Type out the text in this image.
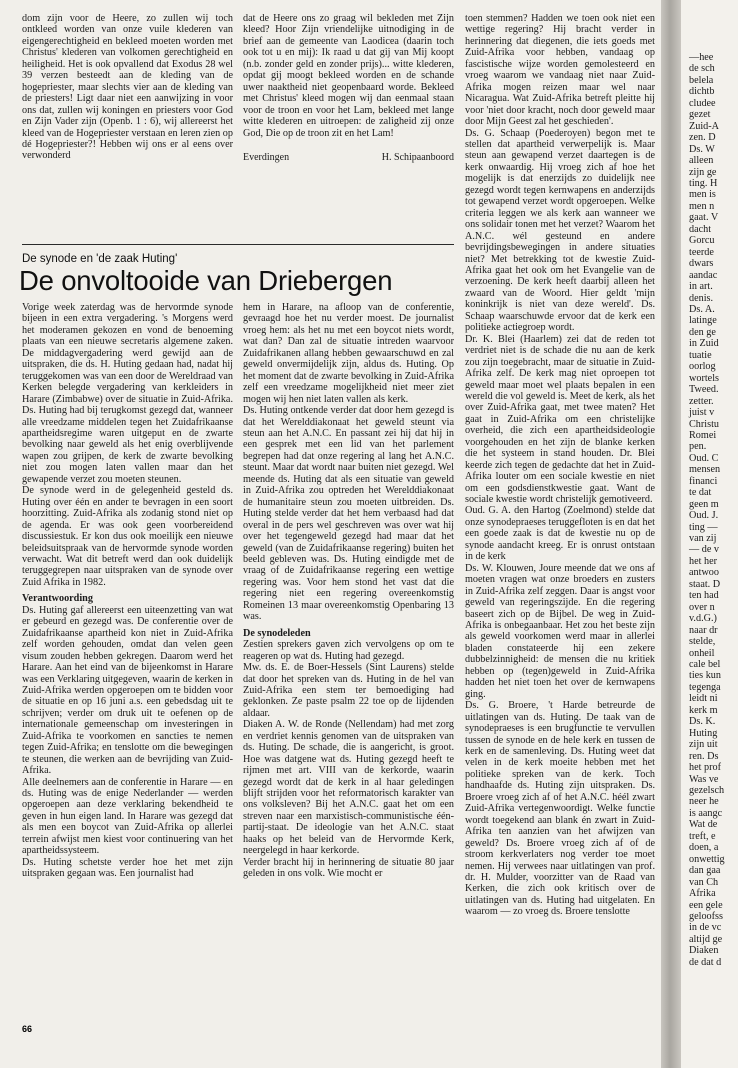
dom zijn voor de Heere, zo zullen wij toch ontkleed worden van onze vuile klederen van eigengerechtigheid en bekleed moeten worden met Christus' klederen van volkomen gerechtigheid en heiligheid. Het is ook opvallend dat Exodus 28 wel 39 verzen besteedt aan de kleding van de hogepriester, maar slechts vier aan de kleding van de priesters! Ligt daar niet een aanwijzing in voor ons dat, zullen wij koningen en priesters voor God en Zijn Vader zijn (Openb. 1 : 6), wij allereerst het kleed van de Hogepriester verstaan en leren zien op dé Hogepriester?! Hebben wij ons er al eens over verwonderd

dat de Heere ons zo graag wil bekleden met Zijn kleed? Hoor Zijn vriendelijke uitnodiging in de brief aan de gemeente van Laodicea (daarin toch ook tot u en mij): Ik raad u dat gij van Mij koopt (n.b. zonder geld en zonder prijs)... witte klederen, opdat gij moogt bekleed worden en de schande uwer naaktheid niet geopenbaard worde. Bekleed met Christus' kleed mogen wij dan eenmaal staan voor de troon en voor het Lam, bekleed met lange witte klederen en uitroepen: de zaligheid zij onze God, Die op de troon zit en het Lam!

Everdingen	H. Schipaanboord
De synode en 'de zaak Huting'
De onvoltooide van Driebergen

Vorige week zaterdag was de hervormde synode bijeen in een extra vergadering. 's Morgens werd het moderamen gekozen en vond de benoeming plaats van een nieuwe secretaris algemene zaken. De middagvergadering werd gewijd aan de uitspraken, die ds. H. Huting gedaan had, nadat hij teruggekomen was van een door de Wereldraad van Kerken belegde vergadering van kerkleiders in Harare (Zimbabwe) over de situatie in Zuid-Afrika. Ds. Huting had bij terugkomst gezegd dat, wanneer alle vreedzame middelen tegen het Zuidafrikaanse apartheidsregime waren uitgeput en de zwarte bevolking naar geweld als het enig overblijvende wapen zou grijpen, de kerk de zwarte bevolking niet zou mogen laten vallen maar dan het gewapende verzet zou moeten steunen.

De synode werd in de gelegenheid gesteld ds. Huting over één en ander te bevragen in een soort hoorzitting. Zuid-Afrika als zodanig stond niet op de agenda. Er was ook geen voorbereidend discussiestuk. Er kon dus ook moeilijk een nieuwe beleidsuitspraak van de hervormde synode worden verwacht. Wat dit betreft werd dan ook duidelijk teruggegrepen naar uitspraken van de synode over Zuid Afrika in 1982.

Verantwoording

Ds. Huting gaf allereerst een uiteenzetting van wat er gebeurd en gezegd was. De conferentie over de Zuidafrikaanse apartheid kon niet in Zuid-Afrika zelf worden gehouden, omdat dan velen geen visum zouden hebben gekregen. Daarom werd het Harare. Aan het eind van de bijeenkomst in Harare was een Verklaring uitgegeven, waarin de kerken in Zuid-Afrika werden opgeroepen om te bidden voor de situatie en op 16 juni a.s. een gebedsdag uit te schrijven; verder om druk uit te oefenen op de internationale gemeenschap om investeringen in Zuid-Afrika te voorkomen en sancties te nemen tegen Zuid-Afrika; en tenslotte om die bewegingen te steunen, die werken aan de bevrijding van Zuid-Afrika.

Alle deelnemers aan de conferentie in Harare — en ds. Huting was de enige Nederlander — werden opgeroepen aan deze verklaring bekendheid te geven in hun eigen land. In Harare was gezegd dat als men een boycot van Zuid-Afrika op allerlei terrein afwijst men kiest voor continuering van het apartheidssysteem.

Ds. Huting schetste verder hoe het met zijn uitspraken gegaan was. Een journalist had

hem in Harare, na afloop van de conferentie, gevraagd hoe het nu verder moest. De journalist vroeg hem: als het nu met een boycot niets wordt, wat dan? Dan zal de situatie intreden waarvoor Zuidafrikanen allang hebben gewaarschuwd en zal geweld onvermijdelijk zijn, aldus ds. Huting. Op het moment dat de zwarte bevolking in Zuid-Afrika zelf een vreedzame mogelijkheid niet meer ziet mogen wij hen niet laten vallen als kerk.

Ds. Huting ontkende verder dat door hem gezegd is dat het Werelddiakonaat het geweld steunt via steun aan het A.N.C. En passant zei hij dat hij in een gesprek met een lid van het parlement begrepen had dat onze regering al lang het A.N.C. steunt. Maar dat wordt naar buiten niet gezegd. Wel meende ds. Huting dat als een situatie van geweld in Zuid-Afrika zou optreden het Werelddiakonaat de humanitaire steun zou moeten uitbreiden. Ds. Huting stelde verder dat het hem verbaasd had dat overal in de pers wel geschreven was over wat hij over het tegengeweld gezegd had maar dat het geweld (van de Zuidafrikaanse regering) buiten het beeld gebleven was. Ds. Huting eindigde met de vraag of de Zuidafrikaanse regering een wettige regering was. Voor hem stond het vast dat die regering niet een regering overeenkomstig Romeinen 13 maar overeenkomstig Openbaring 13 was.

De synodeleden

Zestien sprekers gaven zich vervolgens op om te reageren op wat ds. Huting had gezegd.

Mw. ds. E. de Boer-Hessels (Sint Laurens) stelde dat door het spreken van ds. Huting in de hel van Zuid-Afrika een stem ter bemoediging had geklonken. Ze paste psalm 22 toe op de lijdenden aldaar.

Diaken A. W. de Ronde (Nellendam) had met zorg en verdriet kennis genomen van de uitspraken van ds. Huting. De schade, die is aangericht, is groot. Hoe was datgene wat ds. Huting gezegd heeft te rijmen met art. VIII van de kerkorde, waarin gezegd wordt dat de kerk in al haar geledingen blijft strijden voor het reformatorisch karakter van ons volksleven? Bij het A.N.C. gaat het om een streven naar een marxistisch-communistische één-partij-staat. De ideologie van het A.N.C. staat haaks op het beleid van de Hervormde Kerk, neergelegd in haar kerkorde.

Verder bracht hij in herinnering de situatie 80 jaar geleden in ons volk. Wie mocht er

toen stemmen? Hadden we toen ook niet een wettige regering? Hij bracht verder in herinnering dat diegenen, die iets goeds met Zuid-Afrika voor hebben, vandaag op fascistische wijze worden gemolesteerd en vroeg waarom we vandaag niet naar Zuid-Afrika mogen reizen maar wel naar Nicaragua. Wat Zuid-Afrika betreft pleitte hij voor 'niet door kracht, noch door geweld maar door Mijn Geest zal het geschieden'.

Ds. G. Schaap (Poederoyen) begon met te stellen dat apartheid verwerpelijk is. Maar steun aan gewapend verzet daartegen is de kerk onwaardig. Hij vroeg zich af hoe het mogelijk is dat enerzijds zo duidelijk nee gezegd wordt tegen kernwapens en anderzijds tot gewapend verzet wordt opgeroepen. Welke criteria leggen we als kerk aan wanneer we ons solidair tonen met het verzet? Waarom het A.N.C. wél gesteund en andere bevrijdingsbewegingen in andere situaties niet? Met betrekking tot de kwestie Zuid-Afrika gaat het ook om het Evangelie van de verzoening. De kerk heeft daarbij alleen het zwaard van de Woord. Hier geldt 'mijn koninkrijk is niet van deze wereld'. Ds. Schaap waarschuwde ervoor dat de kerk een politieke actiegroep wordt.

Dr. K. Blei (Haarlem) zei dat de reden tot verdriet niet is de schade die nu aan de kerk zou zijn toegebracht, maar de situatie in Zuid-Afrika zelf. De kerk mag niet oproepen tot geweld maar moet wel plaats bepalen in een wereld die vol geweld is. Meet de kerk, als het over Zuid-Afrika gaat, met twee maten? Het gaat in Zuid-Afrika om een christelijke overheid, die zich een apartheidsideologie voorgehouden en het zijn de blanke kerken die het systeem in stand houden. Dr. Blei keerde zich tegen de gedachte dat het in Zuid-Afrika louter om een sociale kwestie en niet om een godsdienstkwestie gaat. Want de sociale kwestie wordt christelijk gemotiveerd.

Oud. G. A. den Hartog (Zoelmond) stelde dat onze synodepraeses teruggefloten is en dat het een goede zaak is dat de kwestie nu op de synode aandacht kreeg. Er is onrust ontstaan in de kerk

Ds. W. Klouwen, Joure meende dat we ons af moeten vragen wat onze broeders en zusters in Zuid-Afrika zelf zeggen. Daar is angst voor geweld van regeringszijde. En die regering baseert zich op de Bijbel. De weg in Zuid-Afrika is onbegaanbaar. Het zou het beste zijn als geweld voorkomen werd maar in allerlei bladen constateerde hij een zekere dubbelzinnigheid: de mensen die nu kritiek hebben op (tegen)geweld in Zuid-Afrika hadden het niet toen het over de kernwapens ging.

Ds. G. Broere, 't Harde betreurde de uitlatingen van ds. Huting. De taak van de synodepraeses is een brugfunctie te vervullen tussen de synode en de hele kerk en tussen de kerk en de samenleving. Ds. Huting weet dat velen in de kerk moeite hebben met het politieke spreken van de kerk. Toch handhaafde ds. Huting zijn uitspraken. Ds. Broere vroeg zich af of het A.N.C. héél zwart Zuid-Afrika vertegenwoordigt. Welke functie wordt toegekend aan blank én zwart in Zuid-Afrika ten aanzien van het afwijzen van geweld? Ds. Broere vroeg zich af of de stroom kerkverlaters nog verder toe moet nemen. Hij verwees naar uitlatingen van prof. dr. H. Mulder, voorzitter van de Raad van Kerken, die zich ook kritisch over de uitlatingen van ds. Huting had uitgelaten. En waarom — zo vroeg ds. Broere tenslotte

66
—hee
de sch
belela
dichtb
cludee
gezet
Zuid-A
zen. D
Ds. W
alleen
zijn ge
ting. H
men is
men n
gaat. V
dacht
Gorcu
teerde
dwars
aandac
in art.
denis.
Ds. A.
latinge
den ge
in Zuid
tuatie
oorlog
wortels
Tweed.
zetter.
juist v
Christu
Romei
pen.
Oud. C
mensen
financi
te dat
geen m
Oud. J.
ting —
van zij
— de v
het her
antwoo
staat. D
ten had
over n
v.d.G.)
naar dr
stelde,
onheil
cale bel
ties kun
tegenga
leidt ni
kerk m
Ds. K.
Huting
zijn uit
ren. Ds
het prof
Was ve
gezelsch
neer he
is aangc
Wat de
treft, e
doen, a
onwettig
dan gaa
van Ch
Afrika
een gele
geloofss
in de vc
altijd ge
Diaken
de dat d
